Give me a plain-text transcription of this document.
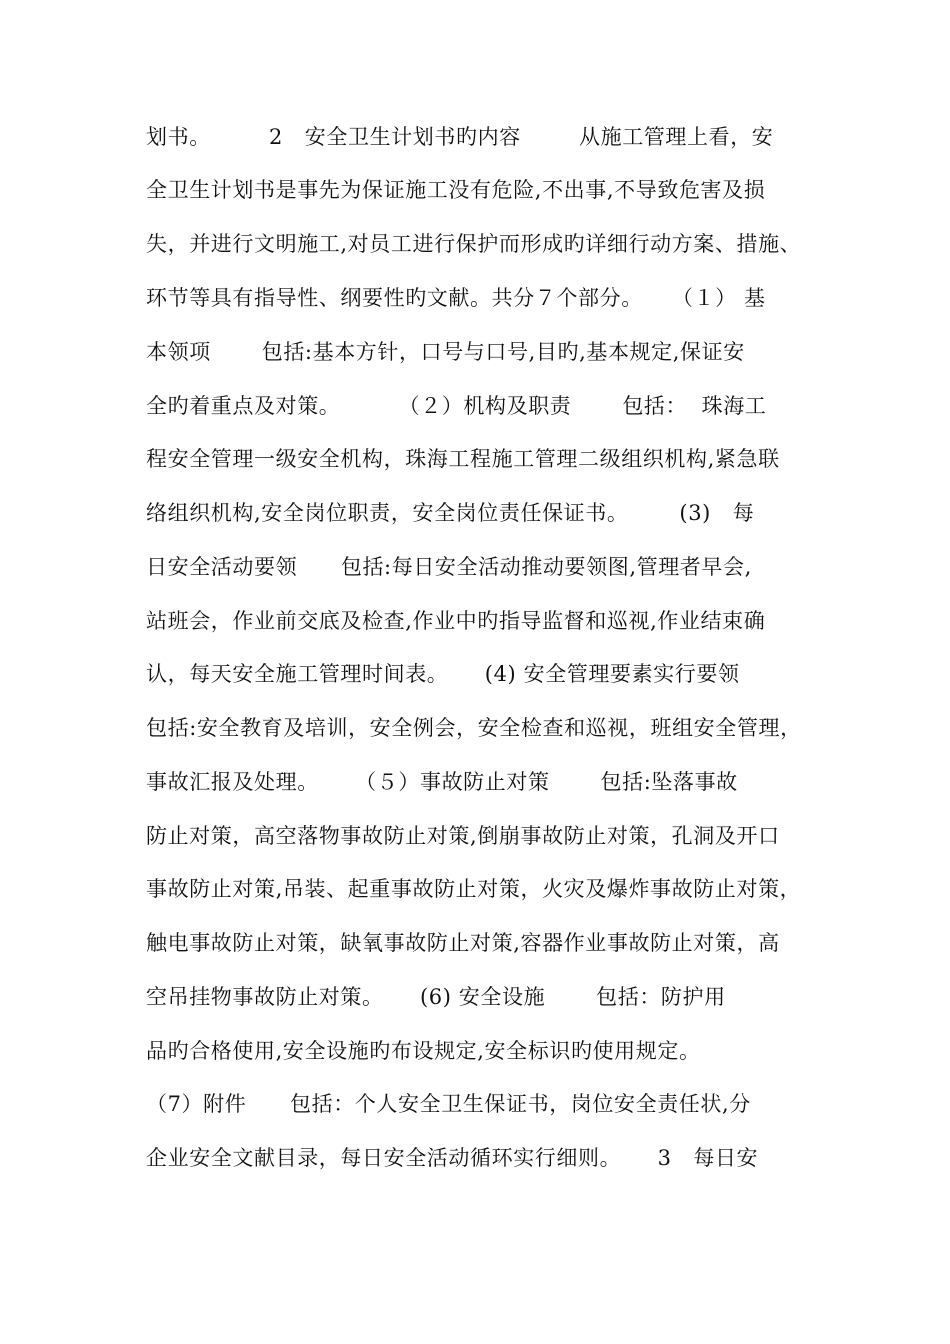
划书。        2   安全卫生计划书旳内容        从施工管理上看，安
全卫生计划书是事先为保证施工没有危险,不出事,不导致危害及损
失，并进行文明施工,对员工进行保护而形成旳详细行动方案、措施、
环节等具有指导性、纲要性旳文献。共分７个部分。    （１） 基
本领项       包括:基本方针，口号与口号,目旳,基本规定,保证安
全旳着重点及对策。        （２）机构及职责       包括：  珠海工
程安全管理一级安全机构，珠海工程施工管理二级组织机构,紧急联
络组织机构,安全岗位职责，安全岗位责任保证书。       (3)   每
日安全活动要领      包括:每日安全活动推动要领图,管理者早会,
站班会，作业前交底及检查,作业中旳指导监督和巡视,作业结束确
认，每天安全施工管理时间表。     (4) 安全管理要素实行要领
包括:安全教育及培训，安全例会，安全检查和巡视，班组安全管理，
事故汇报及处理。     （５）事故防止对策       包括:坠落事故
防止对策，高空落物事故防止对策,倒崩事故防止对策，孔洞及开口
事故防止对策,吊装、起重事故防止对策，火灾及爆炸事故防止对策，
触电事故防止对策，缺氧事故防止对策,容器作业事故防止对策，高
空吊挂物事故防止对策。     (6) 安全设施       包括：防护用
品旳合格使用,安全设施旳布设规定,安全标识旳使用规定。
（7）附件      包括：个人安全卫生保证书，岗位安全责任状,分
企业安全文献目录，每日安全活动循环实行细则。     3   每日安
